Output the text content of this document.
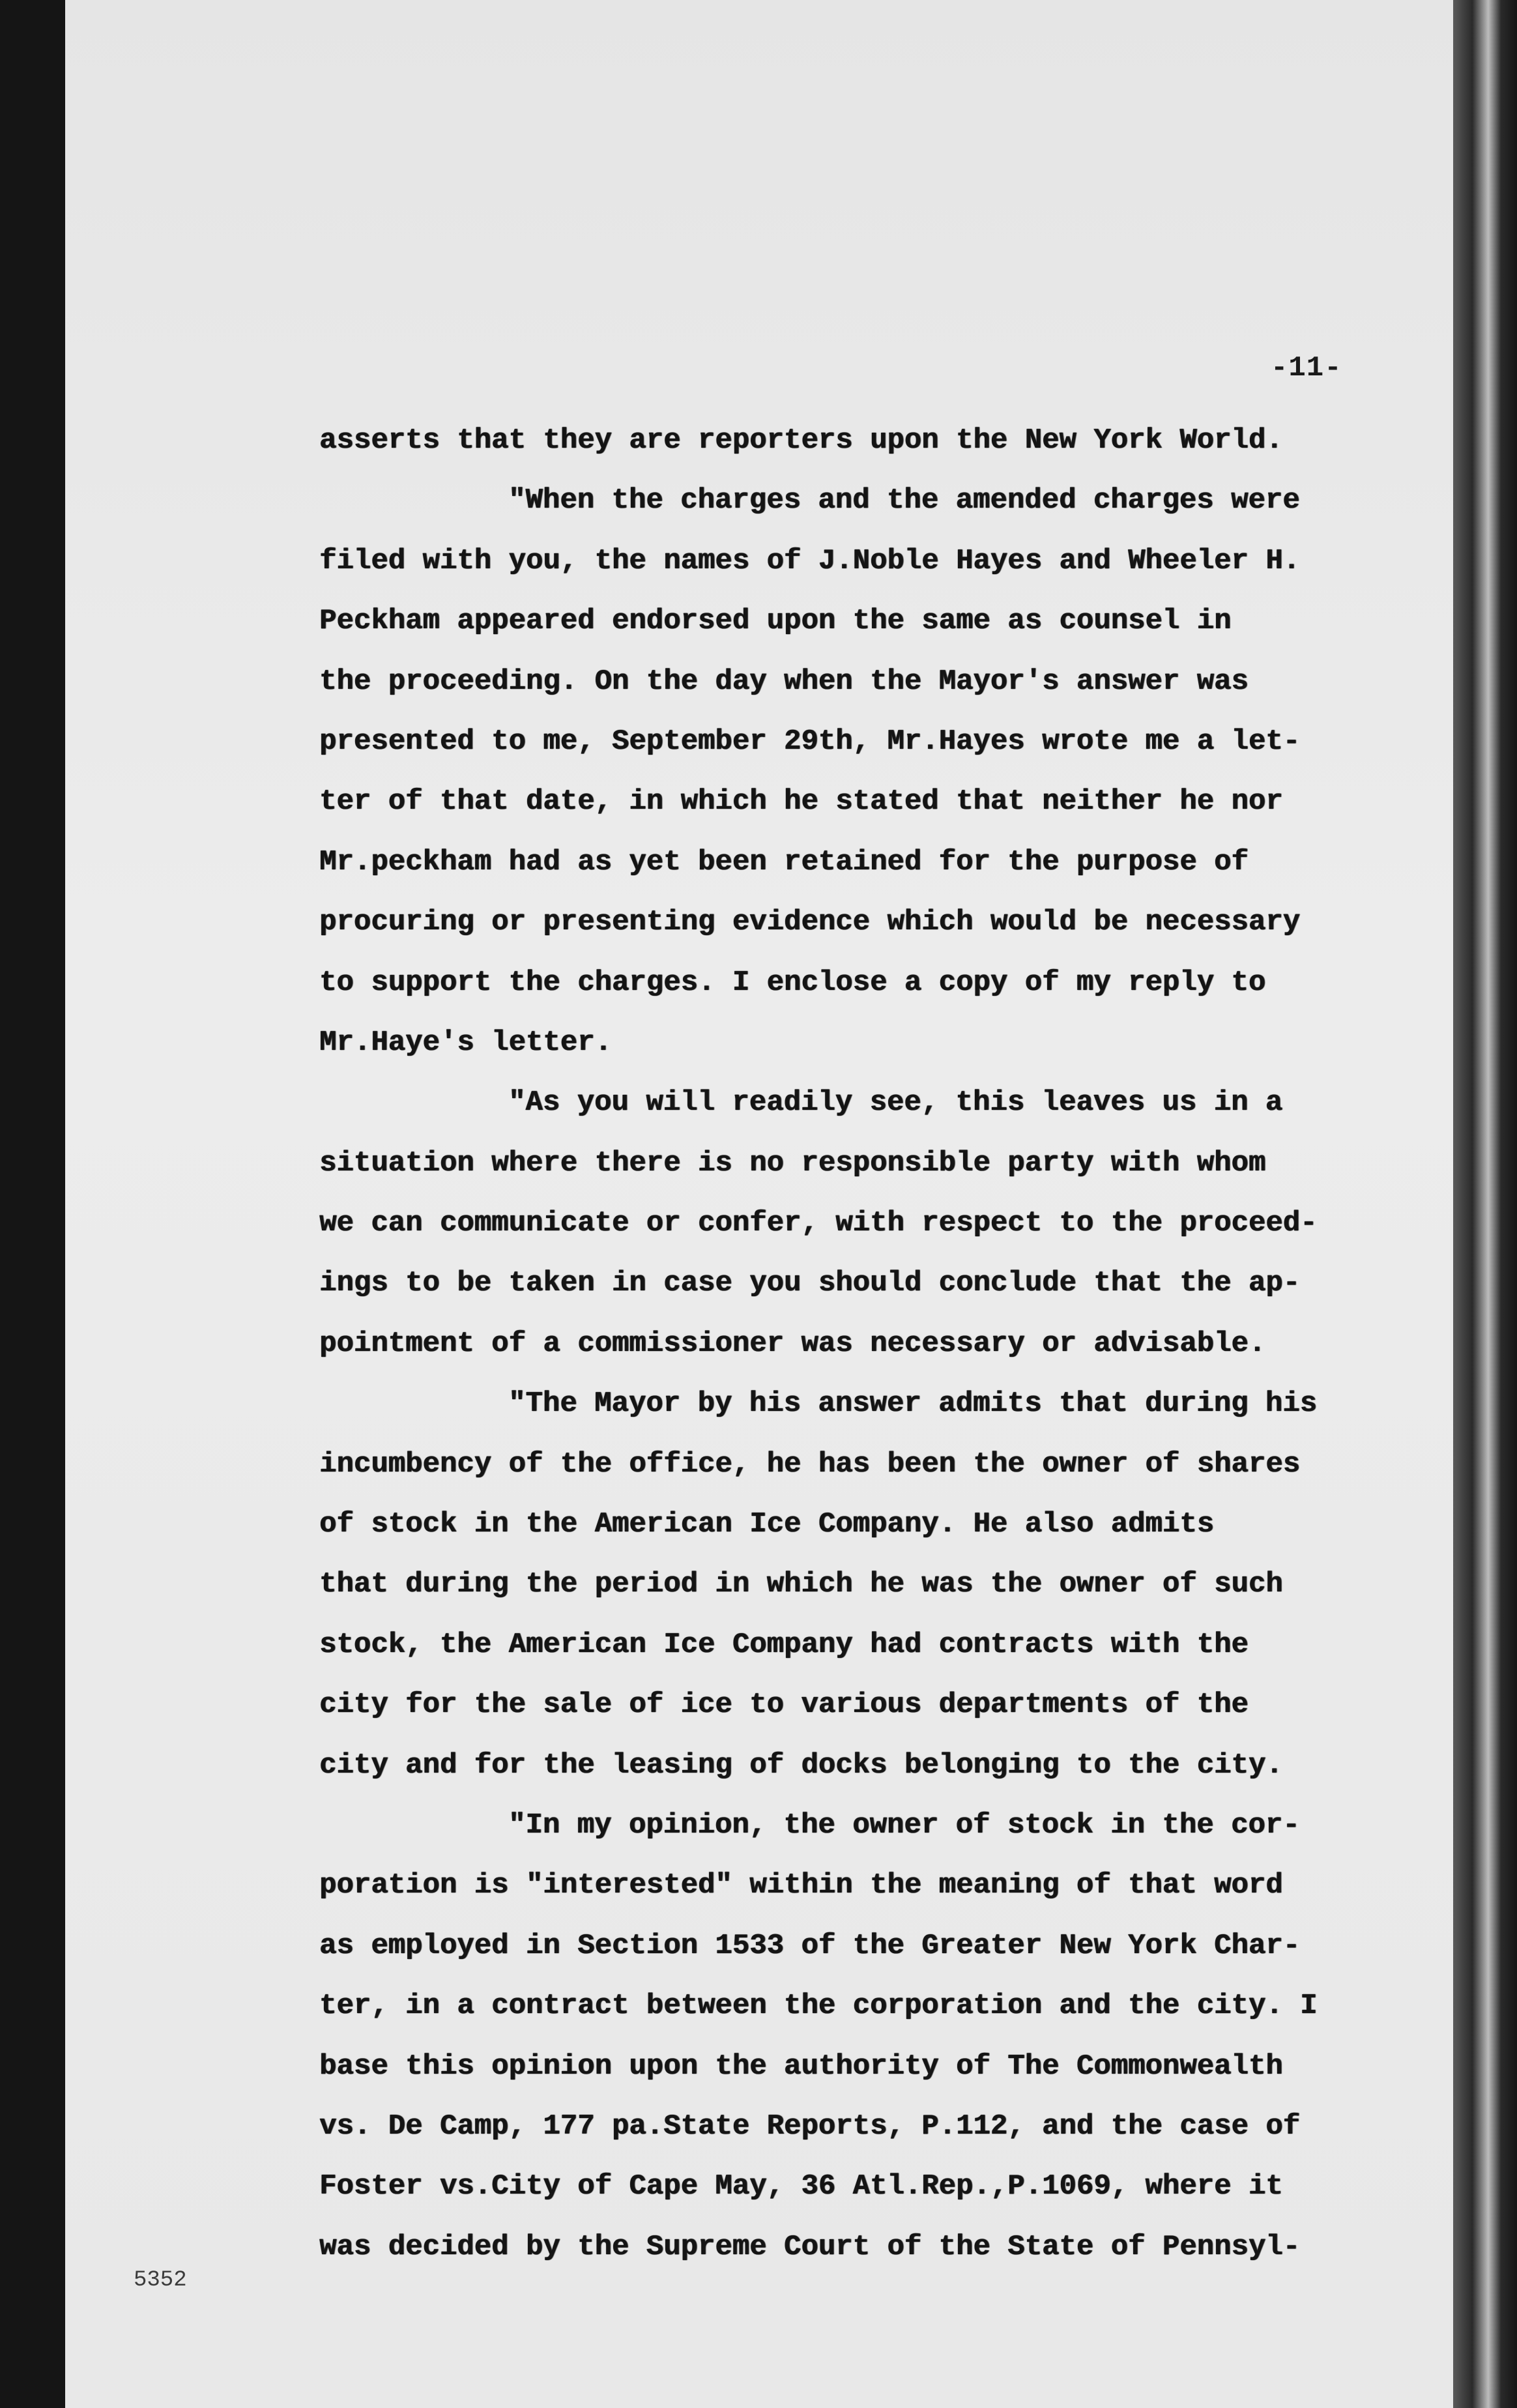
-11-
asserts that they are reporters upon the New York World.
"When the charges and the amended charges were
filed with you, the names of J.Noble Hayes and Wheeler H.
Peckham appeared endorsed upon the same as counsel in
the proceeding. On the day when the Mayor's answer was
presented to me, September 29th, Mr.Hayes wrote me a let-
ter of that date, in which he stated that neither he nor
Mr.peckham had as yet been retained for the purpose of
procuring or presenting evidence which would be necessary
to support the charges. I enclose a copy of my reply to
Mr.Haye's letter.
"As you will readily see, this leaves us in a
situation where there is no responsible party with whom
we can communicate or confer, with respect to the proceed-
ings to be taken in case you should conclude that the ap-
pointment of a commissioner was necessary or advisable.
"The Mayor by his answer admits that during his
incumbency of the office, he has been the owner of shares
of stock in the American Ice Company. He also admits
that during the period in which he was the owner of such
stock, the American Ice Company had contracts with the
city for the sale of ice to various departments of the
city and for the leasing of docks belonging to the city.
"In my opinion, the owner of stock in the cor-
poration is "interested" within the meaning of that word
as employed in Section 1533 of the Greater New York Char-
ter, in a contract between the corporation and the city. I
base this opinion upon the authority of The Commonwealth
vs. De Camp, 177 pa.State Reports, P.112, and the case of
Foster vs.City of Cape May, 36 Atl.Rep.,P.1069, where it
was decided by the Supreme Court of the State of Pennsyl-
5352
